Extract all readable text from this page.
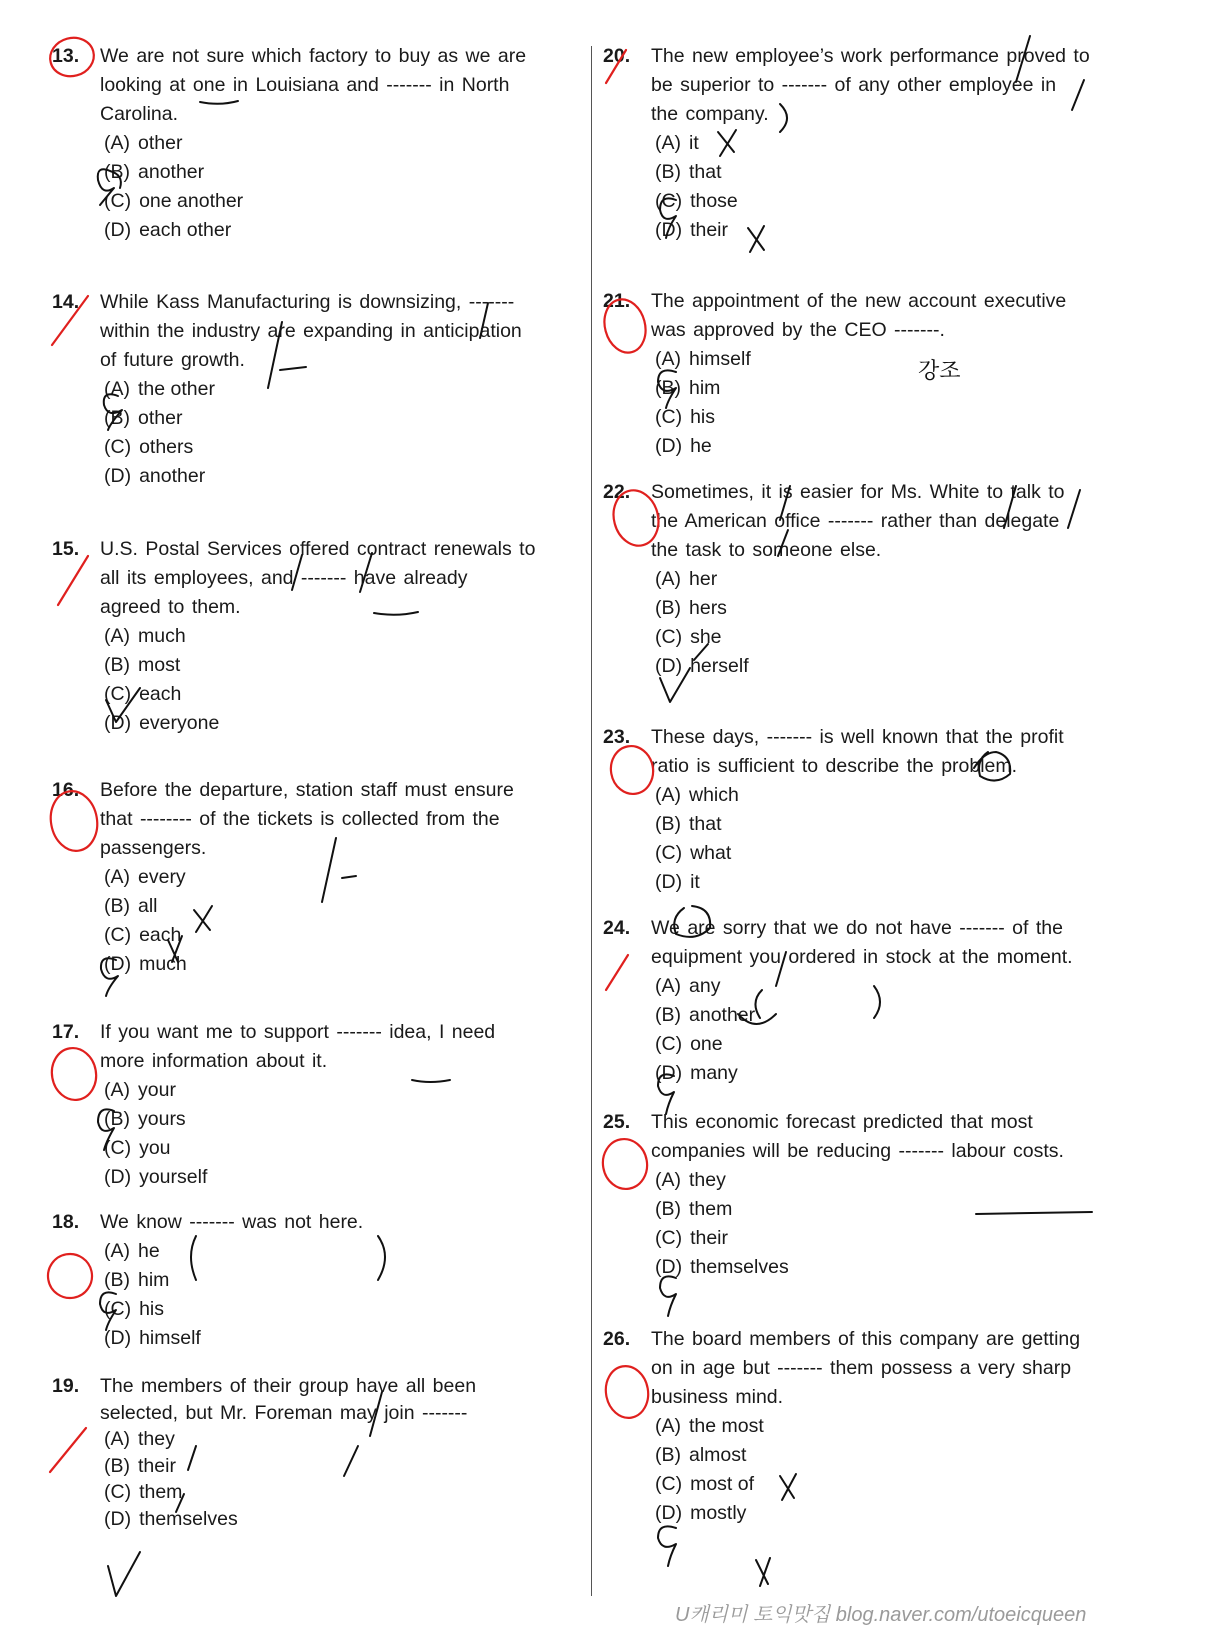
13. We are not sure which factory to buy as we are
looking at one in Louisiana and ------- in North
Carolina.
(A) other
(B) another
(C) one another
(D) each other
14. While Kass Manufacturing is downsizing, -------
within the industry are expanding in anticipation
of future growth.
(A) the other
(B) other
(C) others
(D) another
15. U.S. Postal Services offered contract renewals to
all its employees, and ------- have already
agreed to them.
(A) much
(B) most
(C) each
(D) everyone
16. Before the departure, station staff must ensure
that -------- of the tickets is collected from the
passengers.
(A) every
(B) all
(C) each
(D) much
17. If you want me to support ------- idea, I need
more information about it.
(A) your
(B) yours
(C) you
(D) yourself
18. We know ------- was not here.
(A) he
(B) him
(C) his
(D) himself
19. The members of their group have all been
selected, but Mr. Foreman may join -------
(A) they
(B) their
(C) them
(D) themselves
20. The new employee’s work performance proved to
be superior to ------- of any other employee in
the company.
(A) it
(B) that
(C) those
(D) their
21. The appointment of the new account executive
was approved by the CEO -------.
(A) himself
(B) him
(C) his
(D) he
22. Sometimes, it is easier for Ms. White to talk to
the American office ------- rather than delegate
the task to someone else.
(A) her
(B) hers
(C) she
(D) herself
23. These days, ------- is well known that the profit
ratio is sufficient to describe the problem.
(A) which
(B) that
(C) what
(D) it
24. We are sorry that we do not have ------- of the
equipment you ordered in stock at the moment.
(A) any
(B) another
(C) one
(D) many
25. This economic forecast predicted that most
companies will be reducing ------- labour costs.
(A) they
(B) them
(C) their
(D) themselves
26. The board members of this company are getting
on in age but ------- them possess a very sharp
business mind.
(A) the most
(B) almost
(C) most of
(D) mostly
강조
U캐리미 토익맛집 blog.naver.com/utoeicqueen
